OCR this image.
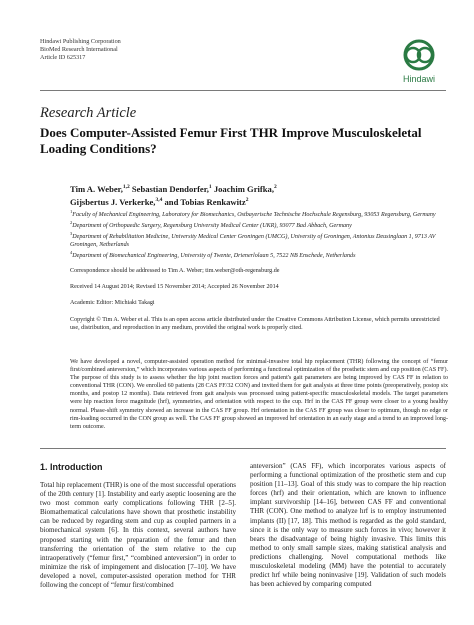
Hindawi Publishing Corporation
BioMed Research International
Article ID 625317
Hindawi
Research Article
Does Computer-Assisted Femur First THR Improve Musculoskeletal Loading Conditions?
Tim A. Weber,$^{1,2}$ Sebastian Dendorfer,$^1$ Joachim Grifka,$^2$
Gijsbertus J. Verkerke,$^{3,4}$ and Tobias Renkawitz$^2$

$^1$Faculty of Mechanical Engineering, Laboratory for Biomechanics, Ostbayerische Technische Hochschule Regensburg, 93053 Regensburg, Germany

$^2$Department of Orthopaedic Surgery, Regensburg University Medical Center (UKR), 93077 Bad Abbach, Germany

$^3$Department of Rehabilitation Medicine, University Medical Center Groningen (UMCG), University of Groningen, Antonius Deusinglaan 1, 9713 AV Groningen, Netherlands

$^4$Department of Biomechanical Engineering, University of Twente, Drienerlolaan 5, 7522 NB Enschede, Netherlands

Correspondence should be addressed to Tim A. Weber; tim.weber@oth-regensburg.de
Received 14 August 2014; Revised 15 November 2014; Accepted 26 November 2014
Academic Editor: Michiaki Takagi
Copyright © Tim A. Weber et al. This is an open access article distributed under the Creative Commons Attribution License, which permits unrestricted use, distribution, and reproduction in any medium, provided the original work is properly cited.
We have developed a novel, computer-assisted operation method for minimal-invasive total hip replacement (THR) following the concept of “femur first/combined anteversion,” which incorporates various aspects of performing a functional optimization of the prosthetic stem and cup position (CAS FF). The purpose of this study is to assess whether the hip joint reaction forces and patient's gait parameters are being improved by CAS FF in relation to conventional THR (CON). We enrolled 60 patients (28 CAS FF/32 CON) and invited them for gait analysis at three time points (preoperatively, postop six months, and postop 12 months). Data retrieved from gait analysis was processed using patient-specific musculoskeletal models. The target parameters were hip reaction force magnitude (hrf), symmetries, and orientation with respect to the cup. Hrf in the CAS FF group were closer to a young healthy normal. Phase-shift symmetry showed an increase in the CAS FF group. Hrf orientation in the CAS FF group was closer to optimum, though no edge or rim-loading occurred in the CON group as well. The CAS FF group showed an improved hrf orientation in an early stage and a trend to an improved long-term outcome.
1. Introduction
Total hip replacement (THR) is one of the most successful operations of the 20th century [1]. Instability and early aseptic loosening are the two most common early complications following THR [2–5]. Biomathematical calculations have shown that prosthetic instability can be reduced by regarding stem and cup as coupled partners in a biomechanical system [6]. In this context, several authors have proposed starting with the preparation of the femur and then transferring the orientation of the stem relative to the cup intraoperatively (“femur first,” “combined anteversion”) in order to minimize the risk of impingement and dislocation [7–10]. We have developed a novel, computer-assisted operation method for THR following the concept of “femur first/combined
anteversion” (CAS FF), which incorporates various aspects of performing a functional optimization of the prosthetic stem and cup position [11–13]. Goal of this study was to compare the hip reaction forces (hrf) and their orientation, which are known to influence implant survivorship [14–16], between CAS FF and conventional THR (CON). One method to analyze hrf is to employ instrumented implants (II) [17, 18]. This method is regarded as the gold standard, since it is the only way to measure such forces in vivo; however it bears the disadvantage of being highly invasive. This limits this method to only small sample sizes, making statistical analysis and predictions challenging. Novel computational methods like musculoskeletal modeling (MM) have the potential to accurately predict hrf while being noninvasive [19]. Validation of such models has been achieved by comparing computed
